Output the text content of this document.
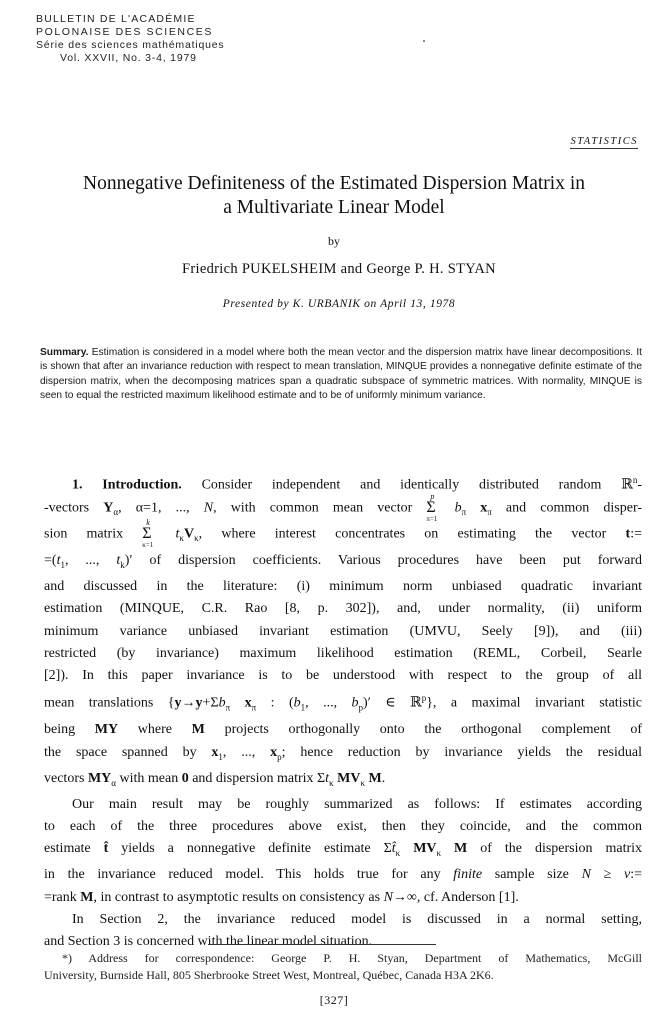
BULLETIN DE L'ACADÉMIE
POLONAISE DES SCIENCES
Série des sciences mathématiques
Vol. XXVII, No. 3-4, 1979
STATISTICS
Nonnegative Definiteness of the Estimated Dispersion Matrix in
a Multivariate Linear Model
by
Friedrich PUKELSHEIM and George P. H. STYAN
Presented by K. URBANIK on April 13, 1978
Summary. Estimation is considered in a model where both the mean vector and the dispersion matrix have linear decompositions. It is shown that after an invariance reduction with respect to mean translation, MINQUE provides a nonnegative definite estimate of the dispersion matrix, when the decomposing matrices span a quadratic subspace of symmetric matrices. With normality, MINQUE is seen to equal the restricted maximum likelihood estimate and to be of uniformly minimum variance.

1. Introduction. Consider independent and identically distributed random ℝ$^n$-

-vectors $Y_\alpha$, α=1, ..., N, with common mean vector Σ
p
π=1
$b_\pi$ $x_\pi$ and common disper-

sion matrix Σ
k
κ=1
$t_\kappa V_\kappa$, where interest concentrates on estimating the vector t:=

$=(t_1$, ..., $t_k)'$ of dispersion coefficients. Various procedures have been put forward

and discussed in the literature: (i) minimum norm unbiased quadratic invariant

estimation (MINQUE, C.R. Rao [8, p. 302]), and, under normality, (ii) uniform

minimum variance unbiased invariant estimation (UMVU, Seely [9]), and (iii)

restricted (by invariance) maximum likelihood estimation (REML, Corbeil, Searle

[2]). In this paper invariance is to be understood with respect to the group of all

mean translations {$y\to y+\Sigma b_\pi$ $x_\pi$ : ($b_1$, ..., $b_p)'$ ∈ ℝ$^p$}, a maximal invariant statistic

being MY where M projects orthogonally onto the orthogonal complement of

the space spanned by $x_1$, ..., $x_p$; hence reduction by invariance yields the residual

vectors $MY_\alpha$ with mean 0 and dispersion matrix $\Sigma t_\kappa$ $MV_\kappa$ M.

Our main result may be roughly summarized as follows: If estimates according

to each of the three procedures above exist, then they coincide, and the common

estimate t̂ yields a nonnegative definite estimate $\Sigma t̂_\kappa$ $MV_\kappa$ M of the dispersion matrix

in the invariance reduced model. This holds true for any finite sample size N ≥ v:=

=rank M, in contrast to asymptotic results on consistency as N→∞, cf. Anderson [1].

In Section 2, the invariance reduced model is discussed in a normal setting,

and Section 3 is concerned with the linear model situation.

*) Address for correspondence: George P. H. Styan, Department of Mathematics, McGill

University, Burnside Hall, 805 Sherbrooke Street West, Montreal, Québec, Canada H3A 2K6.

[327]
